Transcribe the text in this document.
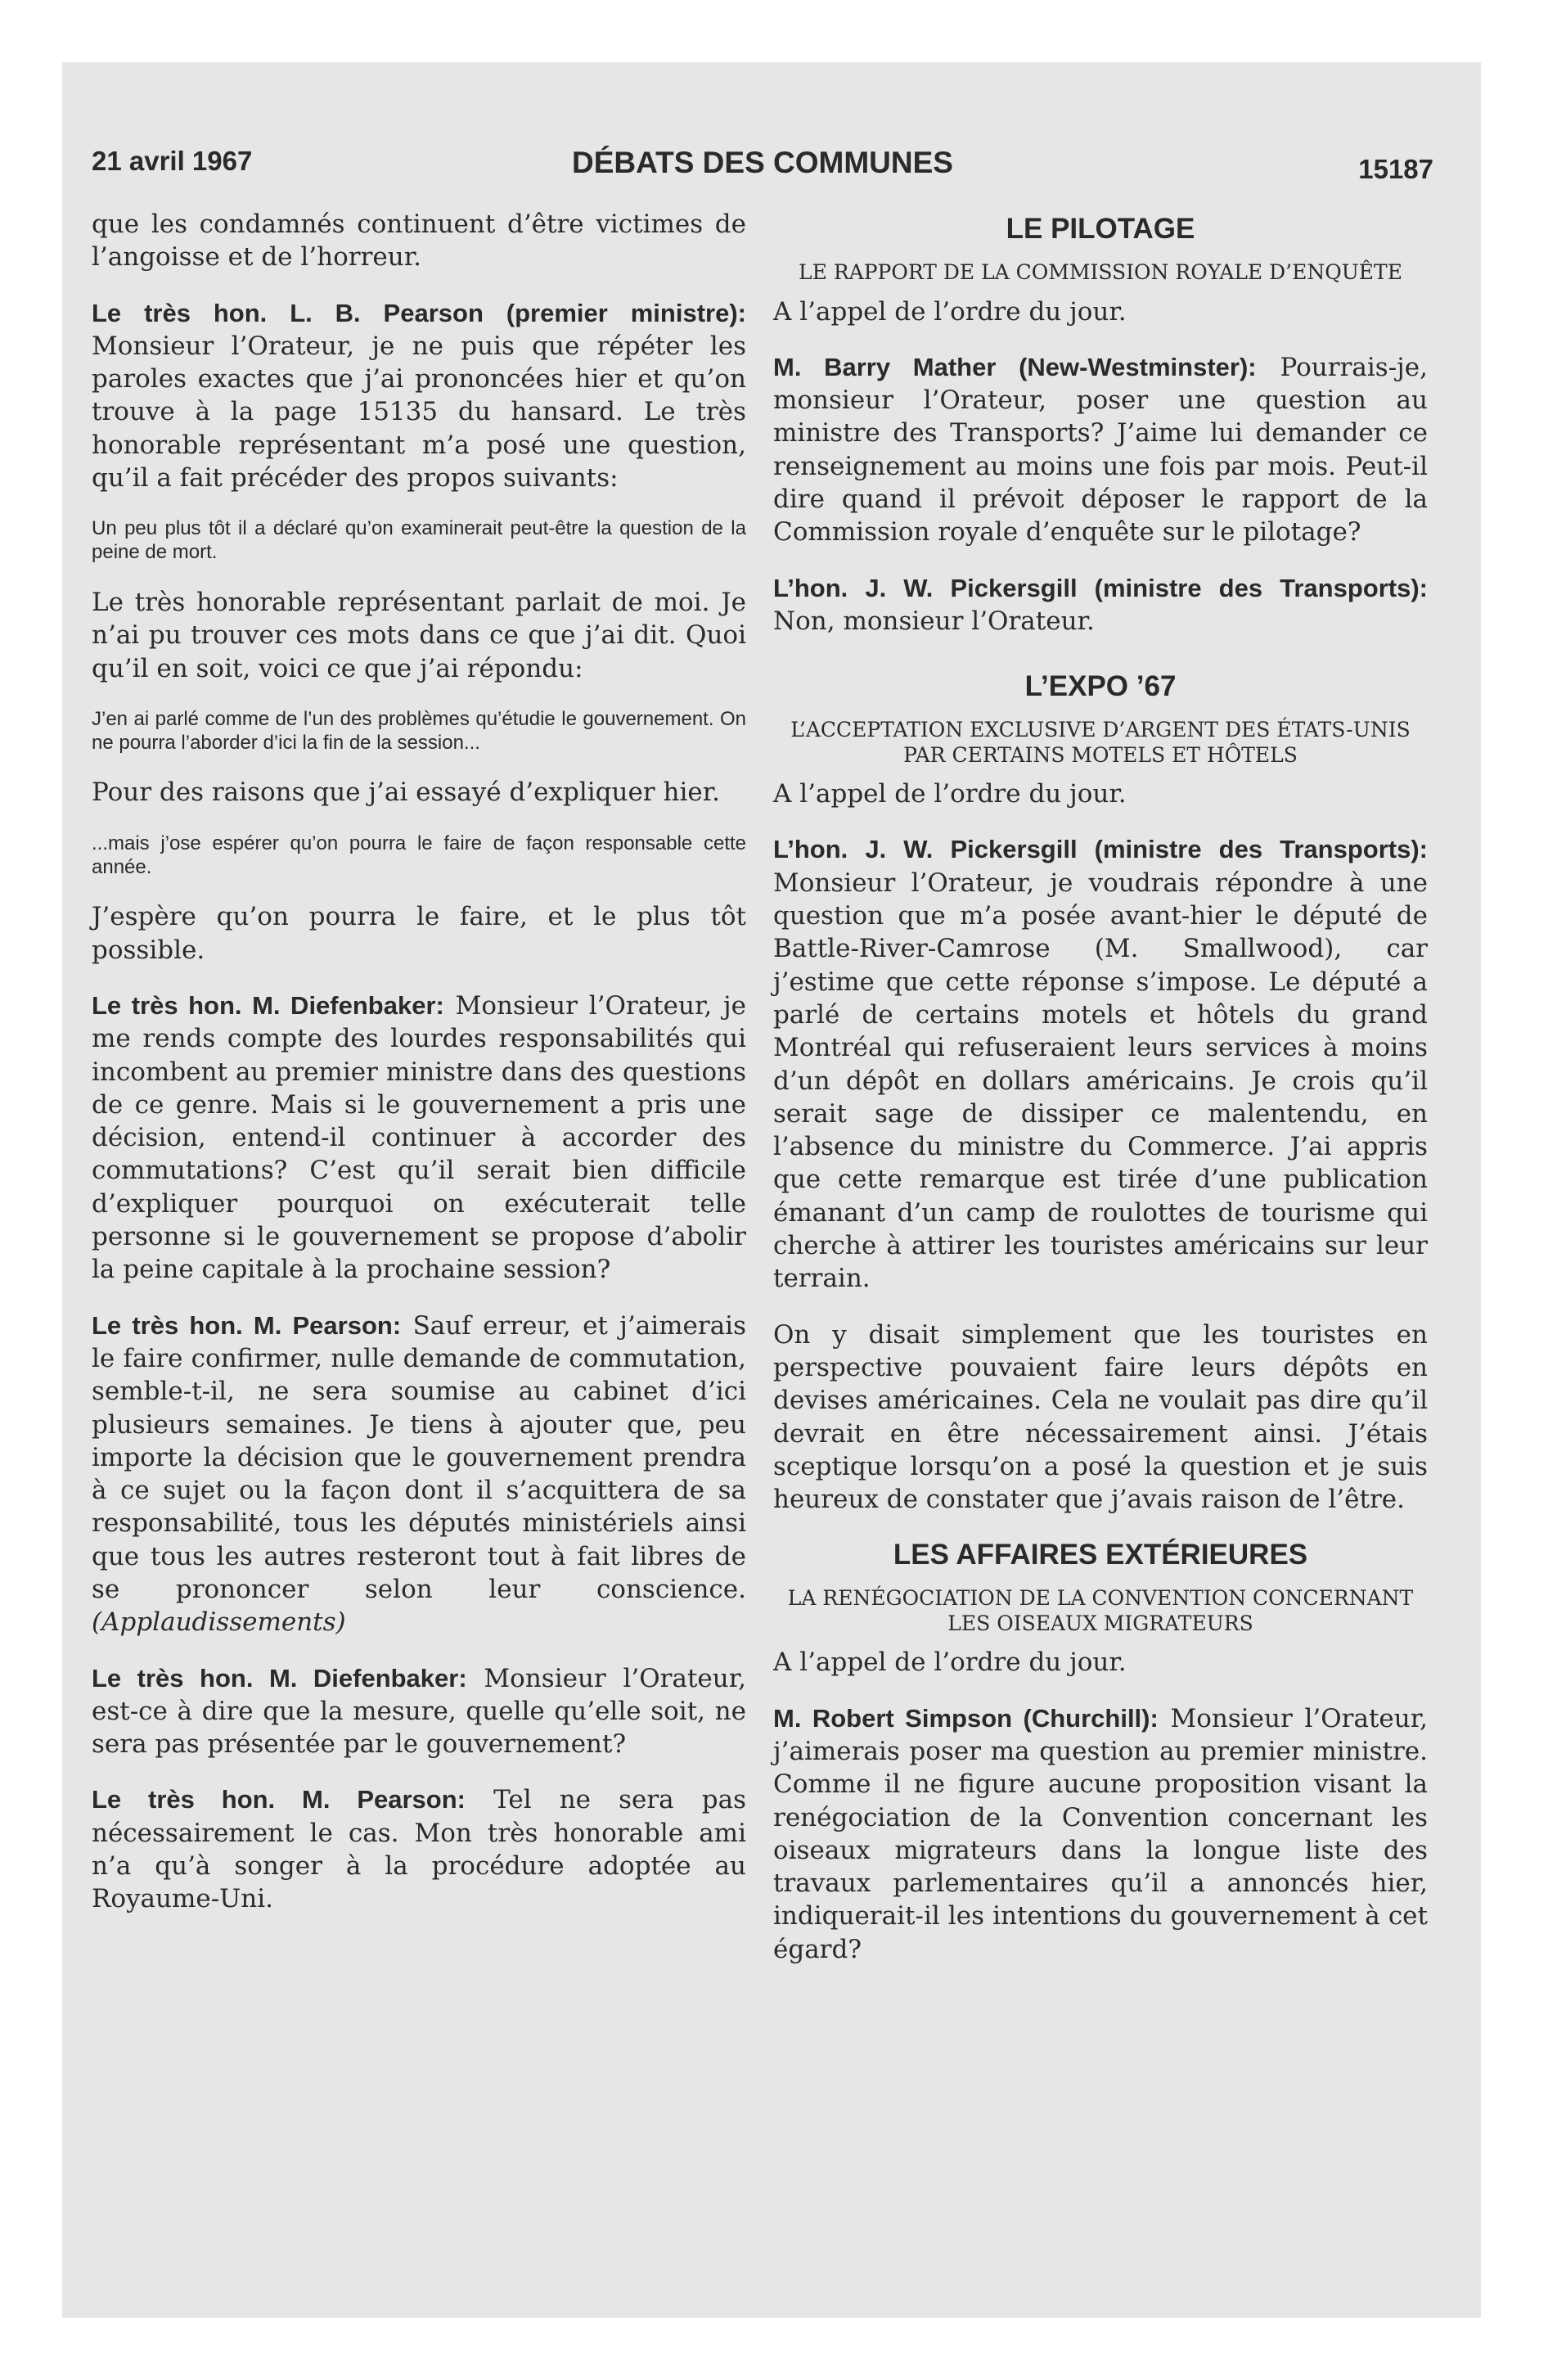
21 avril 1967	DÉBATS DES COMMUNES	15187

que les condamnés continuent d’être victimes de l’angoisse et de l’horreur.

Le très hon. L. B. Pearson (premier ministre): Monsieur l’Orateur, je ne puis que répéter les paroles exactes que j’ai prononcées hier et qu’on trouve à la page 15135 du hansard. Le très honorable représentant m’a posé une question, qu’il a fait précéder des propos suivants:

Un peu plus tôt il a déclaré qu’on examinerait peut-être la question de la peine de mort.

Le très honorable représentant parlait de moi. Je n’ai pu trouver ces mots dans ce que j’ai dit. Quoi qu’il en soit, voici ce que j’ai répondu:

J’en ai parlé comme de l’un des problèmes qu’étudie le gouvernement. On ne pourra l’aborder d’ici la fin de la session...

Pour des raisons que j’ai essayé d’expliquer hier.

...mais j’ose espérer qu’on pourra le faire de façon responsable cette année.

J’espère qu’on pourra le faire, et le plus tôt possible.

Le très hon. M. Diefenbaker: Monsieur l’Orateur, je me rends compte des lourdes responsabilités qui incombent au premier ministre dans des questions de ce genre. Mais si le gouvernement a pris une décision, entend-il continuer à accorder des commutations? C’est qu’il serait bien difficile d’expliquer pourquoi on exécuterait telle personne si le gouvernement se propose d’abolir la peine capitale à la prochaine session?

Le très hon. M. Pearson: Sauf erreur, et j’aimerais le faire confirmer, nulle demande de commutation, semble-t-il, ne sera soumise au cabinet d’ici plusieurs semaines. Je tiens à ajouter que, peu importe la décision que le gouvernement prendra à ce sujet ou la façon dont il s’acquittera de sa responsabilité, tous les députés ministériels ainsi que tous les autres resteront tout à fait libres de se prononcer selon leur conscience. (Applaudissements)

Le très hon. M. Diefenbaker: Monsieur l’Orateur, est-ce à dire que la mesure, quelle qu’elle soit, ne sera pas présentée par le gouvernement?

Le très hon. M. Pearson: Tel ne sera pas nécessairement le cas. Mon très honorable ami n’a qu’à songer à la procédure adoptée au Royaume-Uni.

LE PILOTAGE
LE RAPPORT DE LA COMMISSION ROYALE D’ENQUÊTE

A l’appel de l’ordre du jour.

M. Barry Mather (New-Westminster): Pourrais-je, monsieur l’Orateur, poser une question au ministre des Transports? J’aime lui demander ce renseignement au moins une fois par mois. Peut-il dire quand il prévoit déposer le rapport de la Commission royale d’enquête sur le pilotage?

L’hon. J. W. Pickersgill (ministre des Transports): Non, monsieur l’Orateur.

L’EXPO ’67
L’ACCEPTATION EXCLUSIVE D’ARGENT DES ÉTATS-UNIS PAR CERTAINS MOTELS ET HÔTELS

A l’appel de l’ordre du jour.

L’hon. J. W. Pickersgill (ministre des Transports): Monsieur l’Orateur, je voudrais répondre à une question que m’a posée avant-hier le député de Battle-River-Camrose (M. Smallwood), car j’estime que cette réponse s’impose. Le député a parlé de certains motels et hôtels du grand Montréal qui refuseraient leurs services à moins d’un dépôt en dollars américains. Je crois qu’il serait sage de dissiper ce malentendu, en l’absence du ministre du Commerce. J’ai appris que cette remarque est tirée d’une publication émanant d’un camp de roulottes de tourisme qui cherche à attirer les touristes américains sur leur terrain.

On y disait simplement que les touristes en perspective pouvaient faire leurs dépôts en devises américaines. Cela ne voulait pas dire qu’il devrait en être nécessairement ainsi. J’étais sceptique lorsqu’on a posé la question et je suis heureux de constater que j’avais raison de l’être.

LES AFFAIRES EXTÉRIEURES
LA RENÉGOCIATION DE LA CONVENTION CONCERNANT LES OISEAUX MIGRATEURS

A l’appel de l’ordre du jour.

M. Robert Simpson (Churchill): Monsieur l’Orateur, j’aimerais poser ma question au premier ministre. Comme il ne figure aucune proposition visant la renégociation de la Convention concernant les oiseaux migrateurs dans la longue liste des travaux parlementaires qu’il a annoncés hier, indiquerait-il les intentions du gouvernement à cet égard?
